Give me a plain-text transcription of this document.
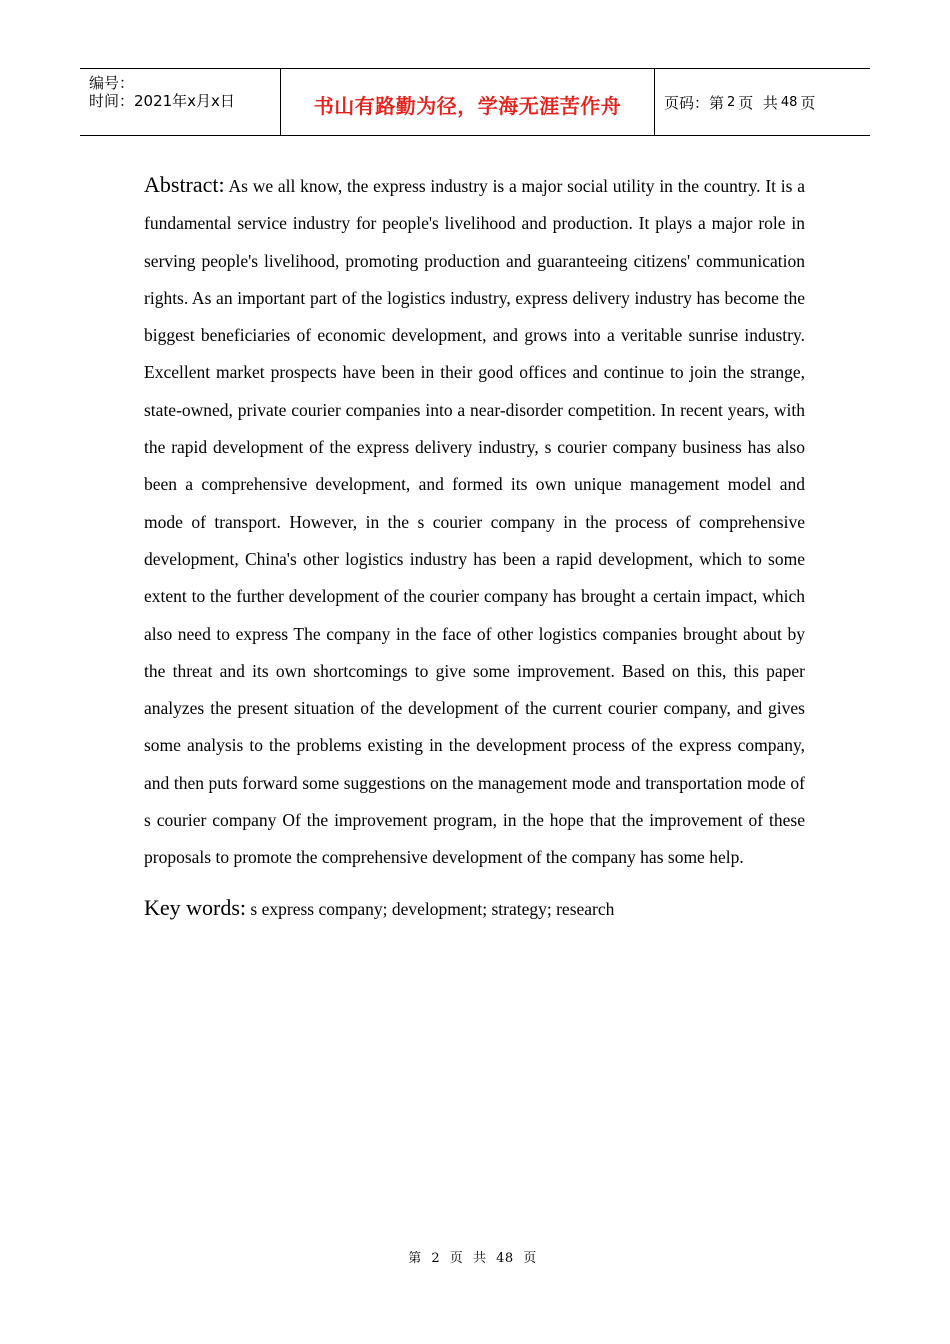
编号：
时间：2021年x月x日	书山有路勤为径，学海无涯苦作舟	页码：第 2 页  共 48 页

Abstract: As we all know, the express industry is a major social utility in the country. It is a fundamental service industry for people's livelihood and production. It plays a major role in serving people's livelihood, promoting production and guaranteeing citizens' communication rights. As an important part of the logistics industry, express delivery industry has become the biggest beneficiaries of economic development, and grows into a veritable sunrise industry. Excellent market prospects have been in their good offices and continue to join the strange, state-owned, private courier companies into a near-disorder competition. In recent years, with the rapid development of the express delivery industry, s courier company business has also been a comprehensive development, and formed its own unique management model and mode of transport. However, in the s courier company in the process of comprehensive development, China's other logistics industry has been a rapid development, which to some extent to the further development of the courier company has brought a certain impact, which also need to express The company in the face of other logistics companies brought about by the threat and its own shortcomings to give some improvement. Based on this, this paper analyzes the present situation of the development of the current courier company, and gives some analysis to the problems existing in the development process of the express company, and then puts forward some suggestions on the management mode and transportation mode of s courier company Of the improvement program, in the hope that the improvement of these proposals to promote the comprehensive development of the company has some help.

Key words: s express company; development; strategy; research
第 2 页 共 48 页
